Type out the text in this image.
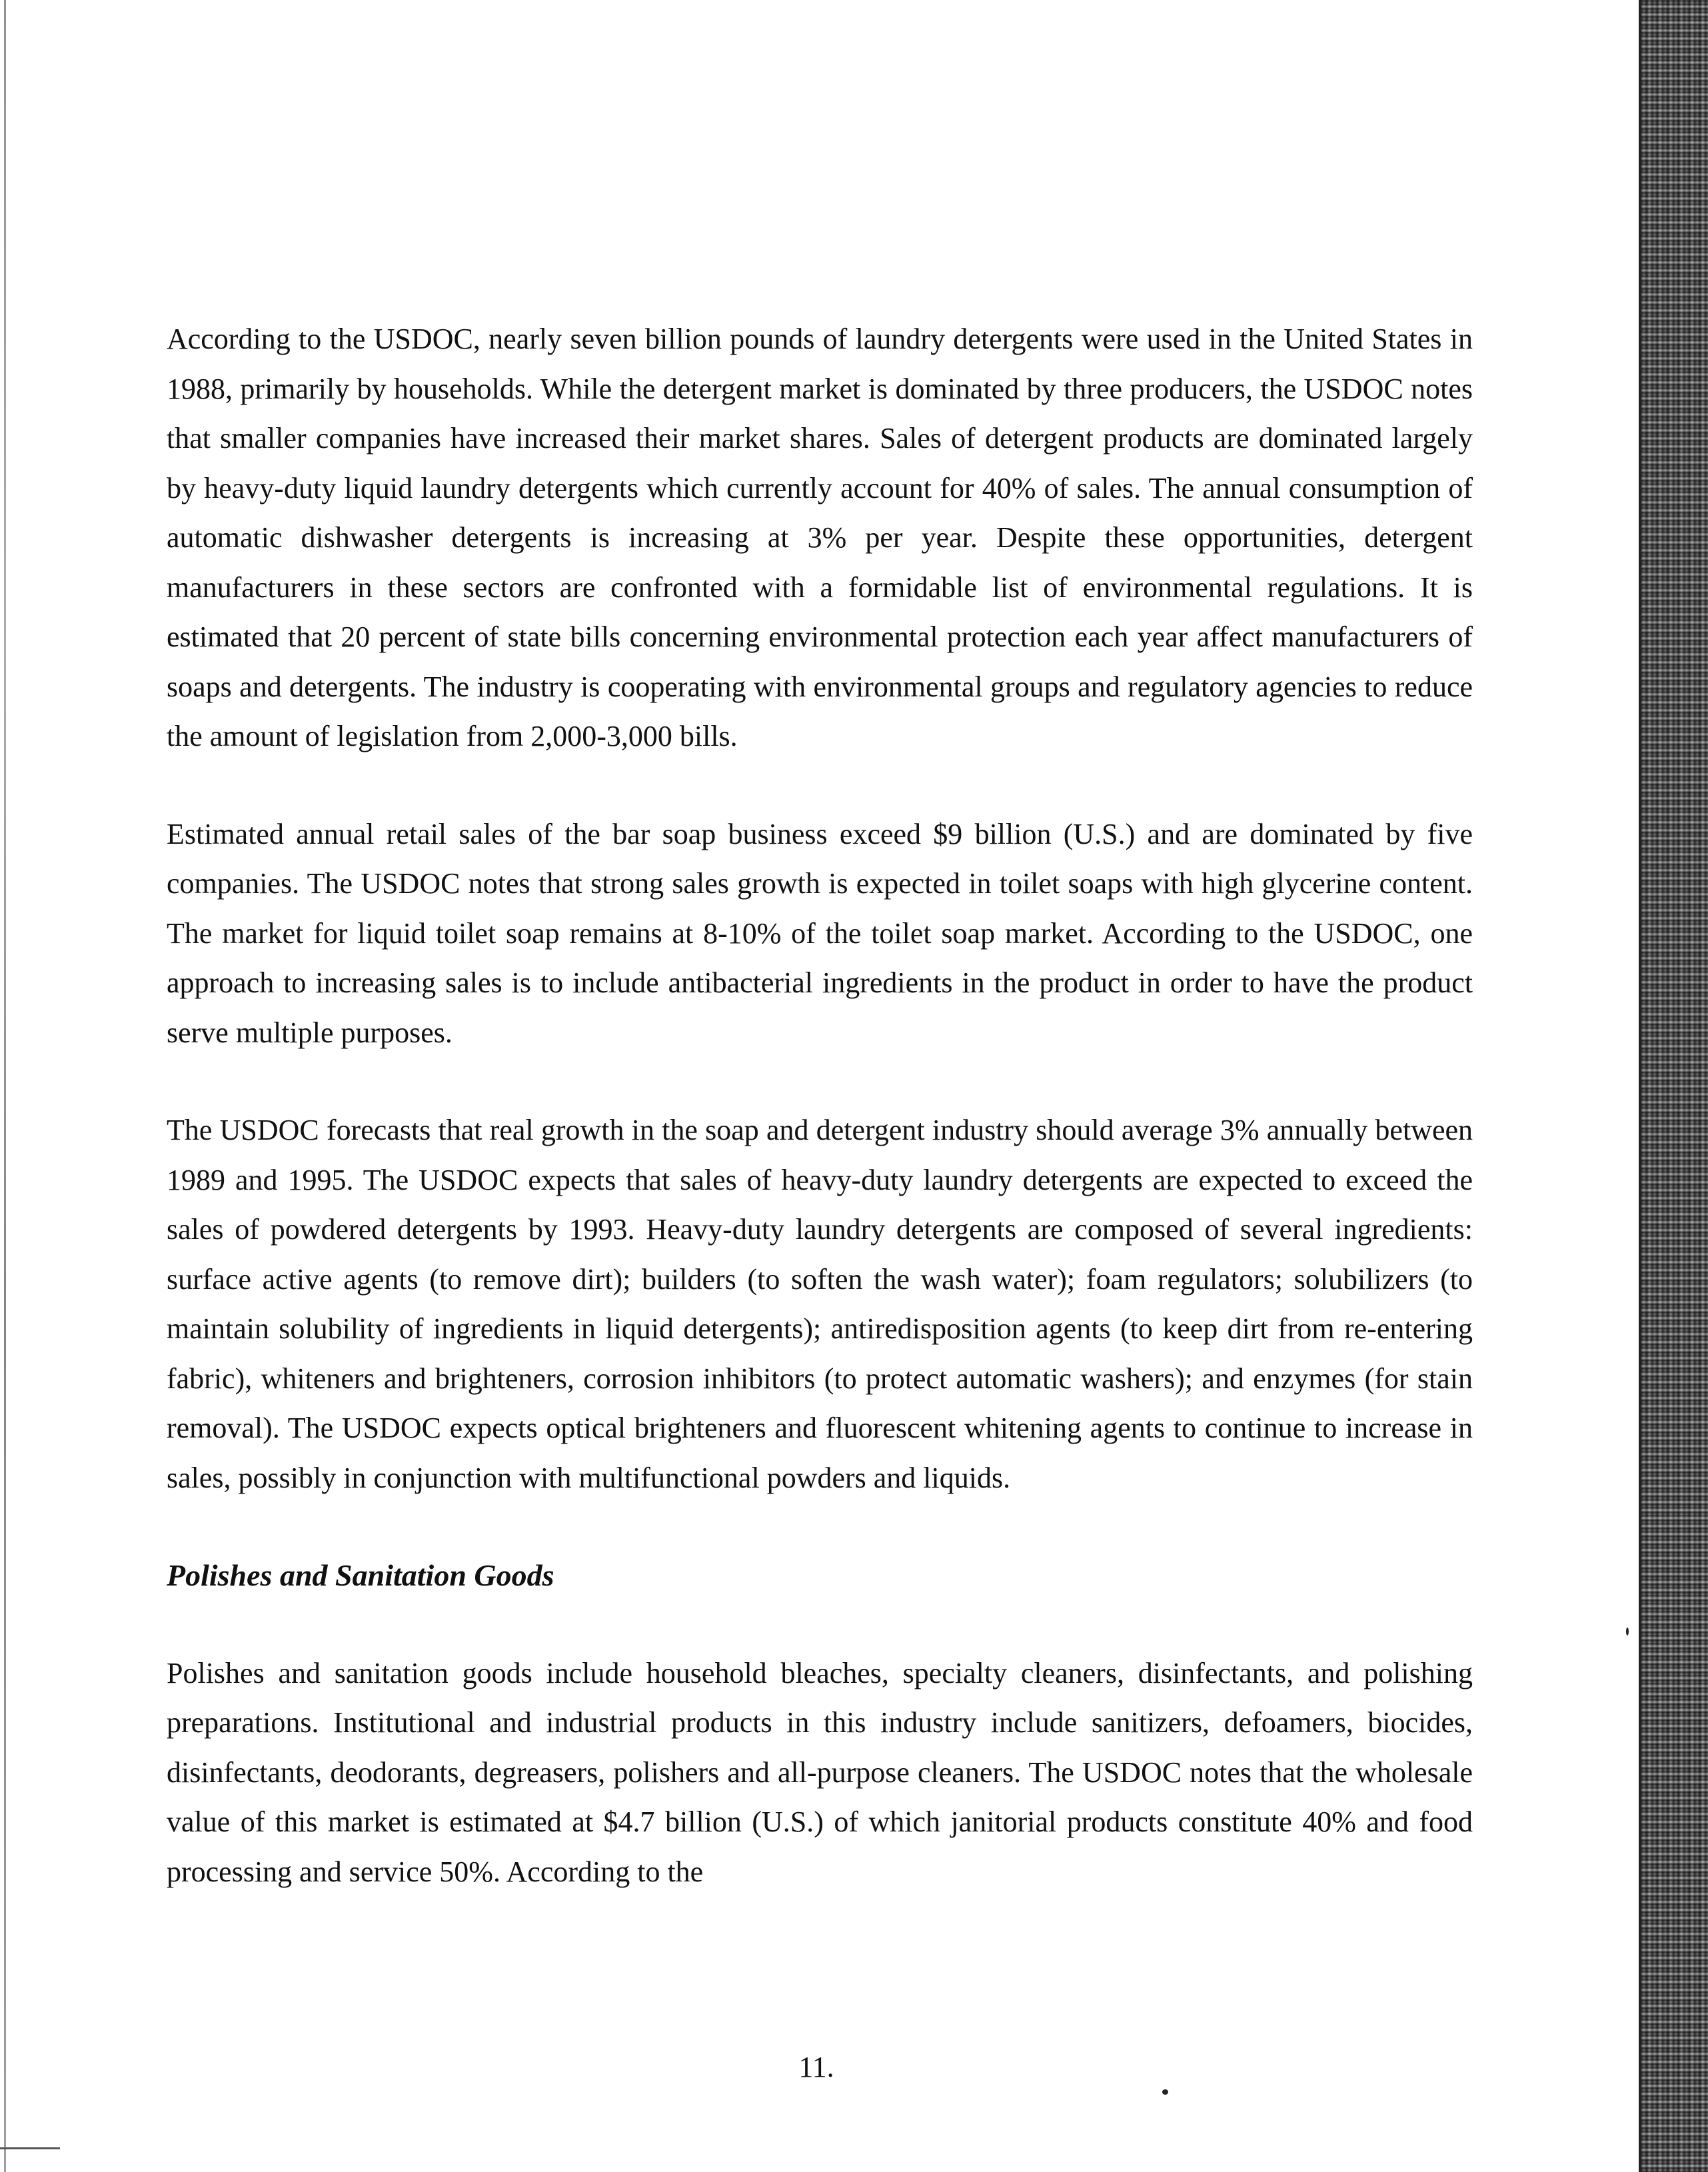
According to the USDOC, nearly seven billion pounds of laundry detergents were used in the United States in 1988, primarily by households. While the detergent market is dominated by three producers, the USDOC notes that smaller companies have increased their market shares. Sales of detergent products are dominated largely by heavy-duty liquid laundry detergents which currently account for 40% of sales. The annual consumption of automatic dishwasher detergents is increasing at 3% per year. Despite these opportunities, detergent manufacturers in these sectors are confronted with a formidable list of environmental regulations. It is estimated that 20 percent of state bills concerning environmental protection each year affect manufacturers of soaps and detergents. The industry is cooperating with environmental groups and regulatory agencies to reduce the amount of legislation from 2,000-3,000 bills.

Estimated annual retail sales of the bar soap business exceed $9 billion (U.S.) and are dominated by five companies. The USDOC notes that strong sales growth is expected in toilet soaps with high glycerine content. The market for liquid toilet soap remains at 8-10% of the toilet soap market. According to the USDOC, one approach to increasing sales is to include antibacterial ingredients in the product in order to have the product serve multiple purposes.

The USDOC forecasts that real growth in the soap and detergent industry should average 3% annually between 1989 and 1995. The USDOC expects that sales of heavy-duty laundry detergents are expected to exceed the sales of powdered detergents by 1993. Heavy-duty laundry detergents are composed of several ingredients: surface active agents (to remove dirt); builders (to soften the wash water); foam regulators; solubilizers (to maintain solubility of ingredients in liquid detergents); antiredisposition agents (to keep dirt from re-entering fabric), whiteners and brighteners, corrosion inhibitors (to protect automatic washers); and enzymes (for stain removal). The USDOC expects optical brighteners and fluorescent whitening agents to continue to increase in sales, possibly in conjunction with multifunctional powders and liquids.

Polishes and Sanitation Goods

Polishes and sanitation goods include household bleaches, specialty cleaners, disinfectants, and polishing preparations. Institutional and industrial products in this industry include sanitizers, defoamers, biocides, disinfectants, deodorants, degreasers, polishers and all-purpose cleaners. The USDOC notes that the wholesale value of this market is estimated at $4.7 billion (U.S.) of which janitorial products constitute 40% and food processing and service 50%. According to the

11.
